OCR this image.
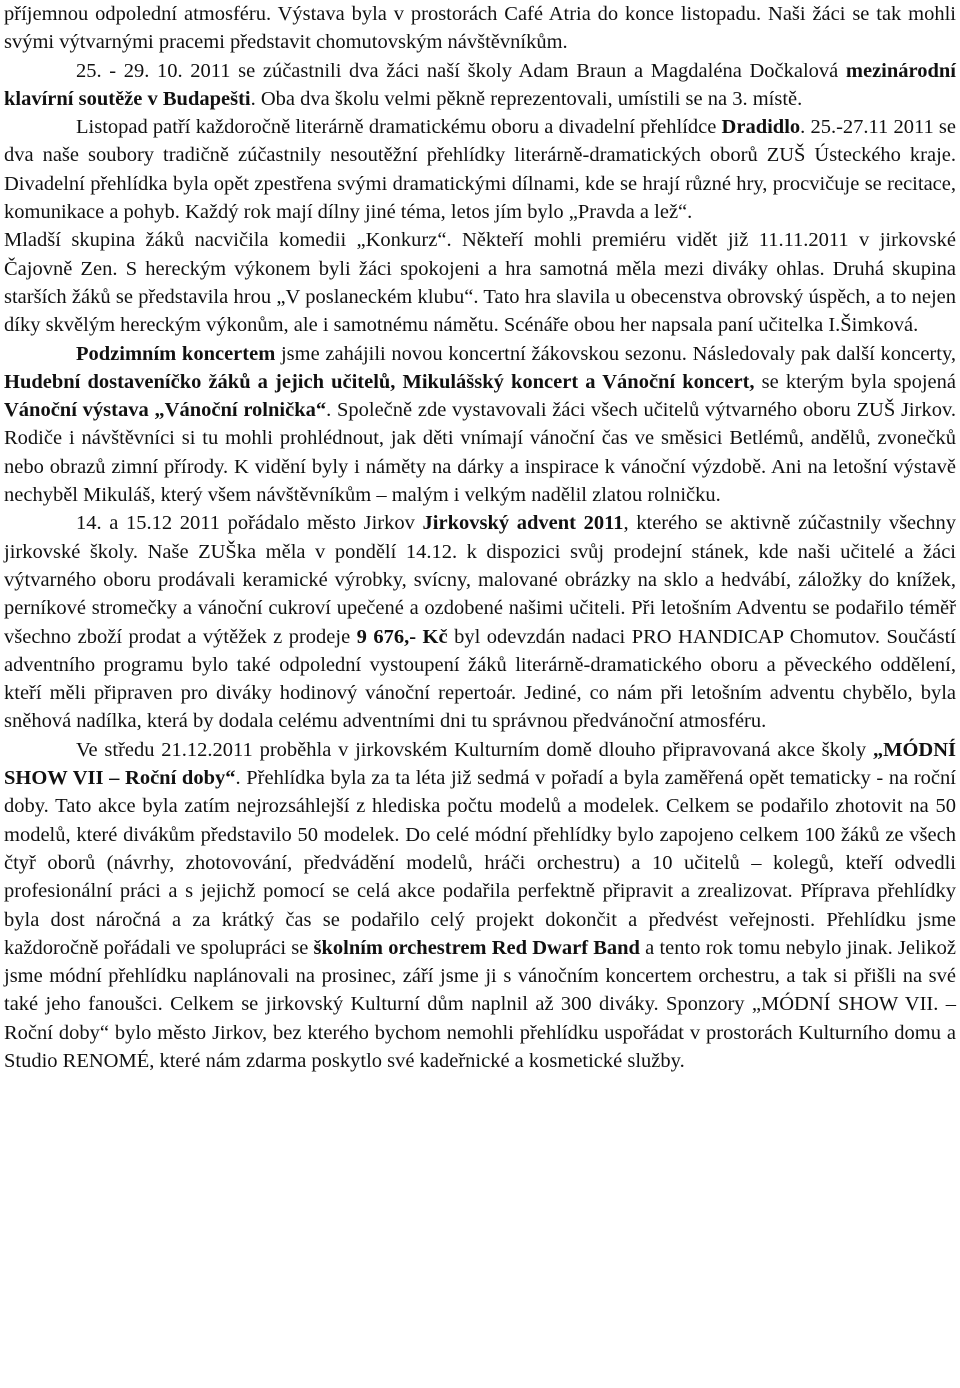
příjemnou odpolední atmosféru. Výstava byla v prostorách Café Atria do konce listopadu. Naši žáci se tak mohli svými výtvarnými pracemi představit chomutovským návštěvníkům.

25. - 29. 10. 2011 se zúčastnili dva žáci naší školy Adam Braun a Magdaléna Dočkalová mezinárodní klavírní soutěže v Budapešti. Oba dva školu velmi pěkně reprezentovali, umístili se na 3. místě.

Listopad patří každoročně literárně dramatickému oboru a divadelní přehlídce Dradidlo. 25.-27.11 2011 se dva naše soubory tradičně zúčastnily nesoutěžní přehlídky literárně-dramatických oborů ZUŠ Ústeckého kraje. Divadelní přehlídka byla opět zpestřena svými dramatickými dílnami, kde se hrají různé hry, procvičuje se recitace, komunikace a pohyb. Každý rok mají dílny jiné téma, letos jím bylo „Pravda a lež“.

Mladší skupina žáků nacvičila komedii „Konkurz“. Někteří mohli premiéru vidět již 11.11.2011 v jirkovské Čajovně Zen. S hereckým výkonem byli žáci spokojeni a hra samotná měla mezi diváky ohlas. Druhá skupina starších žáků se představila hrou „V poslaneckém klubu“. Tato hra slavila u obecenstva obrovský úspěch, a to nejen díky skvělým hereckým výkonům, ale i samotnému námětu. Scénáře obou her napsala paní učitelka I.Šimková.

Podzimním koncertem jsme zahájili novou koncertní žákovskou sezonu. Následovaly pak další koncerty, Hudební dostaveníčko žáků a jejich učitelů, Mikulášský koncert a Vánoční koncert, se kterým byla spojená Vánoční výstava „Vánoční rolnička“. Společně zde vystavovali žáci všech učitelů výtvarného oboru ZUŠ Jirkov. Rodiče i návštěvníci si tu mohli prohlédnout, jak děti vnímají vánoční čas ve směsici Betlémů, andělů, zvonečků nebo obrazů zimní přírody. K vidění byly i náměty na dárky a inspirace k vánoční výzdobě. Ani na letošní výstavě nechyběl Mikuláš, který všem návštěvníkům – malým i velkým nadělil zlatou rolničku.

14. a 15.12 2011 pořádalo město Jirkov Jirkovský advent 2011, kterého se aktivně zúčastnily všechny jirkovské školy. Naše ZUŠka měla v pondělí 14.12. k dispozici svůj prodejní stánek, kde naši učitelé a žáci výtvarného oboru prodávali keramické výrobky, svícny, malované obrázky na sklo a hedvábí, záložky do knížek, perníkové stromečky a vánoční cukroví upečené a ozdobené našimi učiteli. Při letošním Adventu se podařilo téměř všechno zboží prodat a výtěžek z prodeje 9 676,- Kč byl odevzdán nadaci PRO HANDICAP Chomutov. Součástí adventního programu bylo také odpolední vystoupení žáků literárně-dramatického oboru a pěveckého oddělení, kteří měli připraven pro diváky hodinový vánoční repertoár. Jediné, co nám při letošním adventu chybělo, byla sněhová nadílka, která by dodala celému adventními dni tu správnou předvánoční atmosféru.

Ve středu 21.12.2011 proběhla v jirkovském Kulturním domě dlouho připravovaná akce školy „MÓDNÍ SHOW VII – Roční doby“. Přehlídka byla za ta léta již sedmá v pořadí a byla zaměřená opět tematicky - na roční doby. Tato akce byla zatím nejrozsáhlejší z hlediska počtu modelů a modelek. Celkem se podařilo zhotovit na 50 modelů, které divákům představilo 50 modelek. Do celé módní přehlídky bylo zapojeno celkem 100 žáků ze všech čtyř oborů (návrhy, zhotovování, předvádění modelů, hráči orchestru) a 10 učitelů – kolegů, kteří odvedli profesionální práci a s jejichž pomocí se celá akce podařila perfektně připravit a zrealizovat. Příprava přehlídky byla dost náročná a za krátký čas se podařilo celý projekt dokončit a předvést veřejnosti. Přehlídku jsme každoročně pořádali ve spolupráci se školním orchestrem Red Dwarf Band a tento rok tomu nebylo jinak. Jelikož jsme módní přehlídku naplánovali na prosinec, září jsme ji s vánočním koncertem orchestru, a tak si přišli na své také jeho fanoušci. Celkem se jirkovský Kulturní dům naplnil až 300 diváky. Sponzory „MÓDNÍ SHOW VII. – Roční doby“ bylo město Jirkov, bez kterého bychom nemohli přehlídku uspořádat v prostorách Kulturního domu a Studio RENOMÉ, které nám zdarma poskytlo své kadeřnické a kosmetické služby.
